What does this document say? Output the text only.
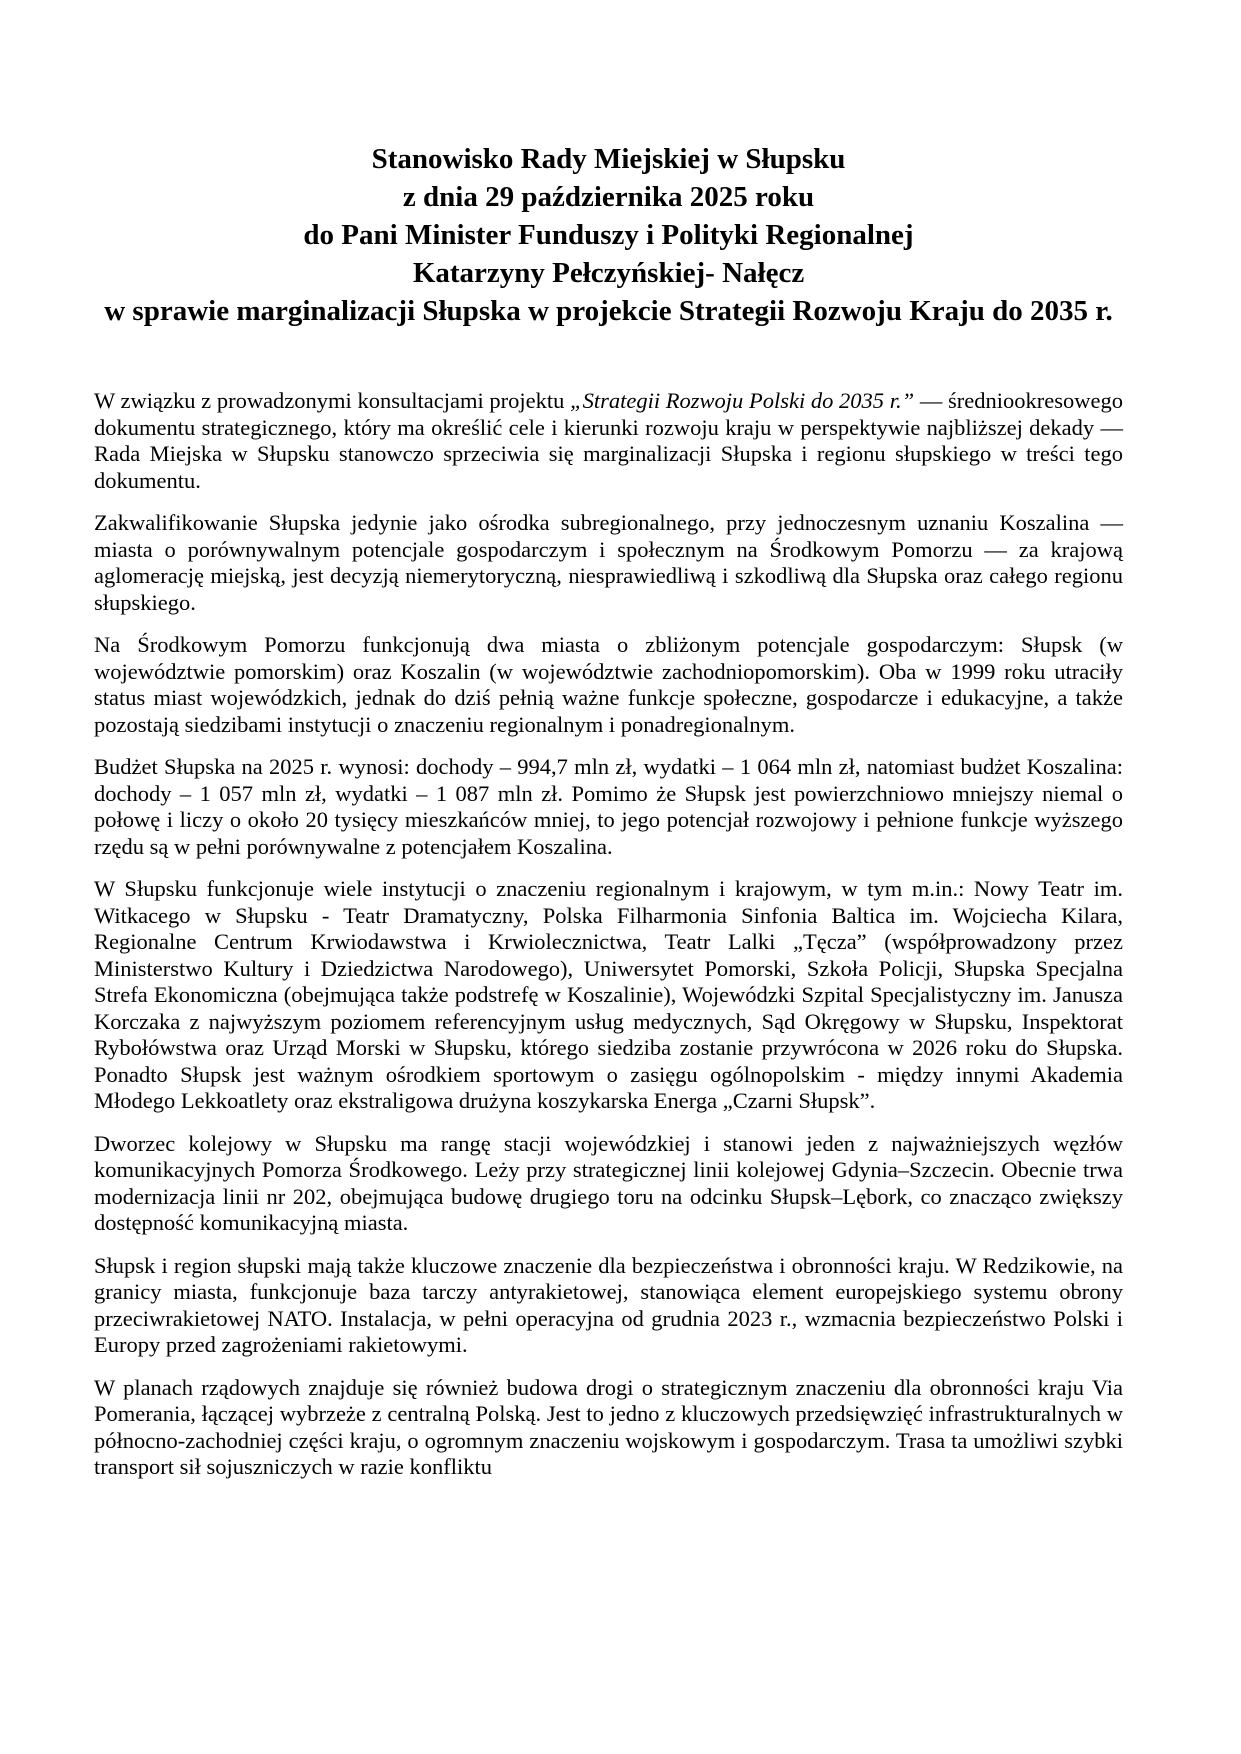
Stanowisko Rady Miejskiej w Słupsku
z dnia 29 października 2025 roku
do Pani Minister Funduszy i Polityki Regionalnej
Katarzyny Pełczyńskiej- Nałęcz
w sprawie marginalizacji Słupska w projekcie Strategii Rozwoju Kraju do 2035 r.

W związku z prowadzonymi konsultacjami projektu „Strategii Rozwoju Polski do 2035 r.” — średniookresowego dokumentu strategicznego, który ma określić cele i kierunki rozwoju kraju w perspektywie najbliższej dekady — Rada Miejska w Słupsku stanowczo sprzeciwia się marginalizacji Słupska i regionu słupskiego w treści tego dokumentu.

Zakwalifikowanie Słupska jedynie jako ośrodka subregionalnego, przy jednoczesnym uznaniu Koszalina — miasta o porównywalnym potencjale gospodarczym i społecznym na Środkowym Pomorzu — za krajową aglomerację miejską, jest decyzją niemerytoryczną, niesprawiedliwą i szkodliwą dla Słupska oraz całego regionu słupskiego.

Na Środkowym Pomorzu funkcjonują dwa miasta o zbliżonym potencjale gospodarczym: Słupsk (w województwie pomorskim) oraz Koszalin (w województwie zachodniopomorskim). Oba w 1999 roku utraciły status miast wojewódzkich, jednak do dziś pełnią ważne funkcje społeczne, gospodarcze i edukacyjne, a także pozostają siedzibami instytucji o znaczeniu regionalnym i ponadregionalnym.

Budżet Słupska na 2025 r. wynosi: dochody – 994,7 mln zł, wydatki – 1 064 mln zł, natomiast budżet Koszalina: dochody – 1 057 mln zł, wydatki – 1 087 mln zł. Pomimo że Słupsk jest powierzchniowo mniejszy niemal o połowę i liczy o około 20 tysięcy mieszkańców mniej, to jego potencjał rozwojowy i pełnione funkcje wyższego rzędu są w pełni porównywalne z potencjałem Koszalina.

W Słupsku funkcjonuje wiele instytucji o znaczeniu regionalnym i krajowym, w tym m.in.: Nowy Teatr im. Witkacego w Słupsku - Teatr Dramatyczny, Polska Filharmonia Sinfonia Baltica im. Wojciecha Kilara, Regionalne Centrum Krwiodawstwa i Krwiolecznictwa, Teatr Lalki „Tęcza” (współprowadzony przez Ministerstwo Kultury i Dziedzictwa Narodowego), Uniwersytet Pomorski, Szkoła Policji, Słupska Specjalna Strefa Ekonomiczna (obejmująca także podstrefę w Koszalinie), Wojewódzki Szpital Specjalistyczny im. Janusza Korczaka z najwyższym poziomem referencyjnym usług medycznych, Sąd Okręgowy w Słupsku, Inspektorat Rybołówstwa oraz Urząd Morski w Słupsku, którego siedziba zostanie przywrócona w 2026 roku do Słupska. Ponadto Słupsk jest ważnym ośrodkiem sportowym o zasięgu ogólnopolskim - między innymi Akademia Młodego Lekkoatlety oraz ekstraligowa drużyna koszykarska Energa „Czarni Słupsk”.

Dworzec kolejowy w Słupsku ma rangę stacji wojewódzkiej i stanowi jeden z najważniejszych węzłów komunikacyjnych Pomorza Środkowego. Leży przy strategicznej linii kolejowej Gdynia–Szczecin. Obecnie trwa modernizacja linii nr 202, obejmująca budowę drugiego toru na odcinku Słupsk–Lębork, co znacząco zwiększy dostępność komunikacyjną miasta.

Słupsk i region słupski mają także kluczowe znaczenie dla bezpieczeństwa i obronności kraju. W Redzikowie, na granicy miasta, funkcjonuje baza tarczy antyrakietowej, stanowiąca element europejskiego systemu obrony przeciwrakietowej NATO. Instalacja, w pełni operacyjna od grudnia 2023 r., wzmacnia bezpieczeństwo Polski i Europy przed zagrożeniami rakietowymi.

W planach rządowych znajduje się również budowa drogi o strategicznym znaczeniu dla obronności kraju Via Pomerania, łączącej wybrzeże z centralną Polską. Jest to jedno z kluczowych przedsięwzięć infrastrukturalnych w północno-zachodniej części kraju, o ogromnym znaczeniu wojskowym i gospodarczym. Trasa ta umożliwi szybki transport sił sojuszniczych w razie konfliktu
